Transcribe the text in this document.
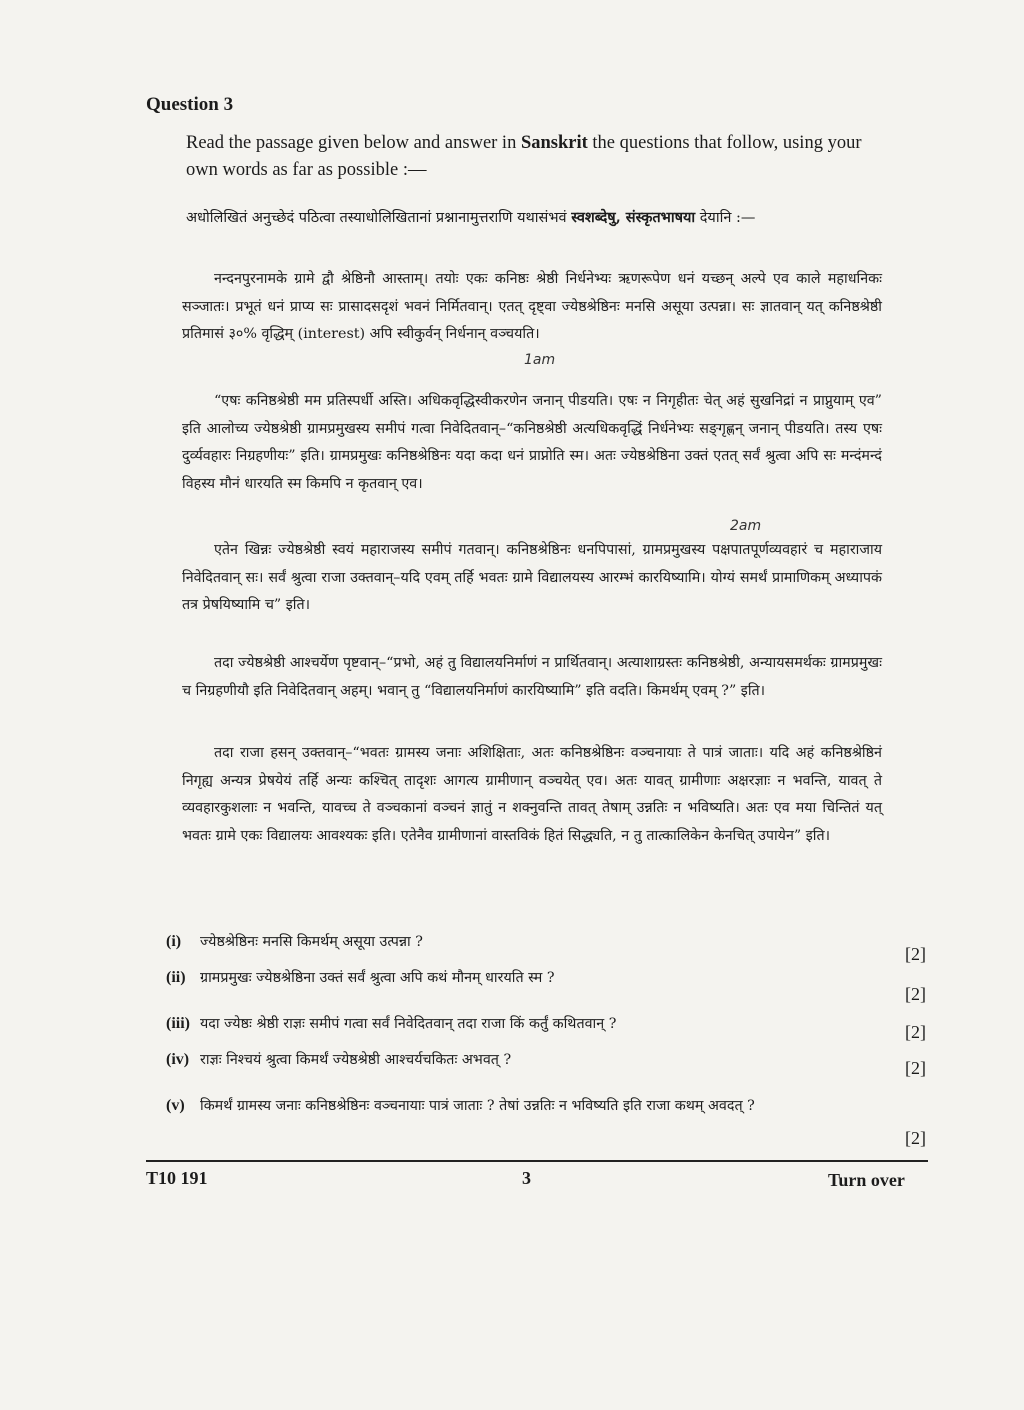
Question 3
Read the passage given below and answer in Sanskrit the questions that follow, using your own words as far as possible :—
अधोलिखितं अनुच्छेदं पठित्वा तस्याधोलिखितानां प्रश्नानामुत्तराणि यथासंभवं स्वशब्देषु, संस्कृतभाषया देयानि :—
नन्दनपुरनामके ग्रामे द्वौ श्रेष्ठिनौ आस्ताम्। तयोः एकः कनिष्ठः श्रेष्ठी निर्धनेभ्यः ऋणरूपेण धनं यच्छन् अल्पे एव काले महाधनिकः सञ्जातः। प्रभूतं धनं प्राप्य सः प्रासादसदृशं भवनं निर्मितवान्। एतत् दृष्ट्वा ज्येष्ठश्रेष्ठिनः मनसि असूया उत्पन्ना। सः ज्ञातवान् यत् कनिष्ठश्रेष्ठी प्रतिमासं ३०% वृद्धिम् (interest) अपि स्वीकुर्वन् निर्धनान् वञ्चयति।
1am
“एषः कनिष्ठश्रेष्ठी मम प्रतिस्पर्धी अस्ति। अधिकवृद्धिस्वीकरणेन जनान् पीडयति। एषः न निगृहीतः चेत् अहं सुखनिद्रां न प्राप्नुयाम् एव” इति आलोच्य ज्येष्ठश्रेष्ठी ग्रामप्रमुखस्य समीपं गत्वा निवेदितवान्–“कनिष्ठश्रेष्ठी अत्यधिकवृद्धिं निर्धनेभ्यः सङ्गृह्णन् जनान् पीडयति। तस्य एषः दुर्व्यवहारः निग्रहणीयः” इति। ग्रामप्रमुखः कनिष्ठश्रेष्ठिनः यदा कदा धनं प्राप्नोति स्म। अतः ज्येष्ठश्रेष्ठिना उक्तं एतत् सर्वं श्रुत्वा अपि सः मन्दंमन्दं विहस्य मौनं धारयति स्म किमपि न कृतवान् एव।
2am
एतेन खिन्नः ज्येष्ठश्रेष्ठी स्वयं महाराजस्य समीपं गतवान्। कनिष्ठश्रेष्ठिनः धनपिपासां, ग्रामप्रमुखस्य पक्षपातपूर्णव्यवहारं च महाराजाय निवेदितवान् सः। सर्वं श्रुत्वा राजा उक्तवान्–यदि एवम् तर्हि भवतः ग्रामे विद्यालयस्य आरम्भं कारयिष्यामि। योग्यं समर्थं प्रामाणिकम् अध्यापकं तत्र प्रेषयिष्यामि च” इति।
तदा ज्येष्ठश्रेष्ठी आश्चर्येण पृष्टवान्–“प्रभो, अहं तु विद्यालयनिर्माणं न प्रार्थितवान्। अत्याशाग्रस्तः कनिष्ठश्रेष्ठी, अन्यायसमर्थकः ग्रामप्रमुखः च निग्रहणीयौ इति निवेदितवान् अहम्। भवान् तु “विद्यालयनिर्माणं कारयिष्यामि” इति वदति। किमर्थम् एवम् ?” इति।
तदा राजा हसन् उक्तवान्–“भवतः ग्रामस्य जनाः अशिक्षिताः, अतः कनिष्ठश्रेष्ठिनः वञ्चनायाः ते पात्रं जाताः। यदि अहं कनिष्ठश्रेष्ठिनं निगृह्य अन्यत्र प्रेषयेयं तर्हि अन्यः कश्चित् तादृशः आगत्य ग्रामीणान् वञ्चयेत् एव। अतः यावत् ग्रामीणाः अक्षरज्ञाः न भवन्ति, यावत् ते व्यवहारकुशलाः न भवन्ति, यावच्च ते वञ्चकानां वञ्चनं ज्ञातुं न शक्नुवन्ति तावत् तेषाम् उन्नतिः न भविष्यति। अतः एव मया चिन्तितं यत् भवतः ग्रामे एकः विद्यालयः आवश्यकः इति। एतेनैव ग्रामीणानां वास्तविकं हितं सिद्ध्यति, न तु तात्कालिकेन केनचित् उपायेन” इति।
(i) ज्येष्ठश्रेष्ठिनः मनसि किमर्थम् असूया उत्पन्ना ?
[2]
(ii) ग्रामप्रमुखः ज्येष्ठश्रेष्ठिना उक्तं सर्वं श्रुत्वा अपि कथं मौनम् धारयति स्म ?
[2]
(iii) यदा ज्येष्ठः श्रेष्ठी राज्ञः समीपं गत्वा सर्वं निवेदितवान् तदा राजा किं कर्तुं कथितवान् ?	[2]
(iv) राज्ञः निश्चयं श्रुत्वा किमर्थं ज्येष्ठश्रेष्ठी आश्चर्यचकितः अभवत् ?	[2]
(v) किमर्थं ग्रामस्य जनाः कनिष्ठश्रेष्ठिनः वञ्चनायाः पात्रं जाताः ? तेषां उन्नतिः न भविष्यति इति राजा कथम् अवदत् ?
[2]
T10 191	3	Turn over
